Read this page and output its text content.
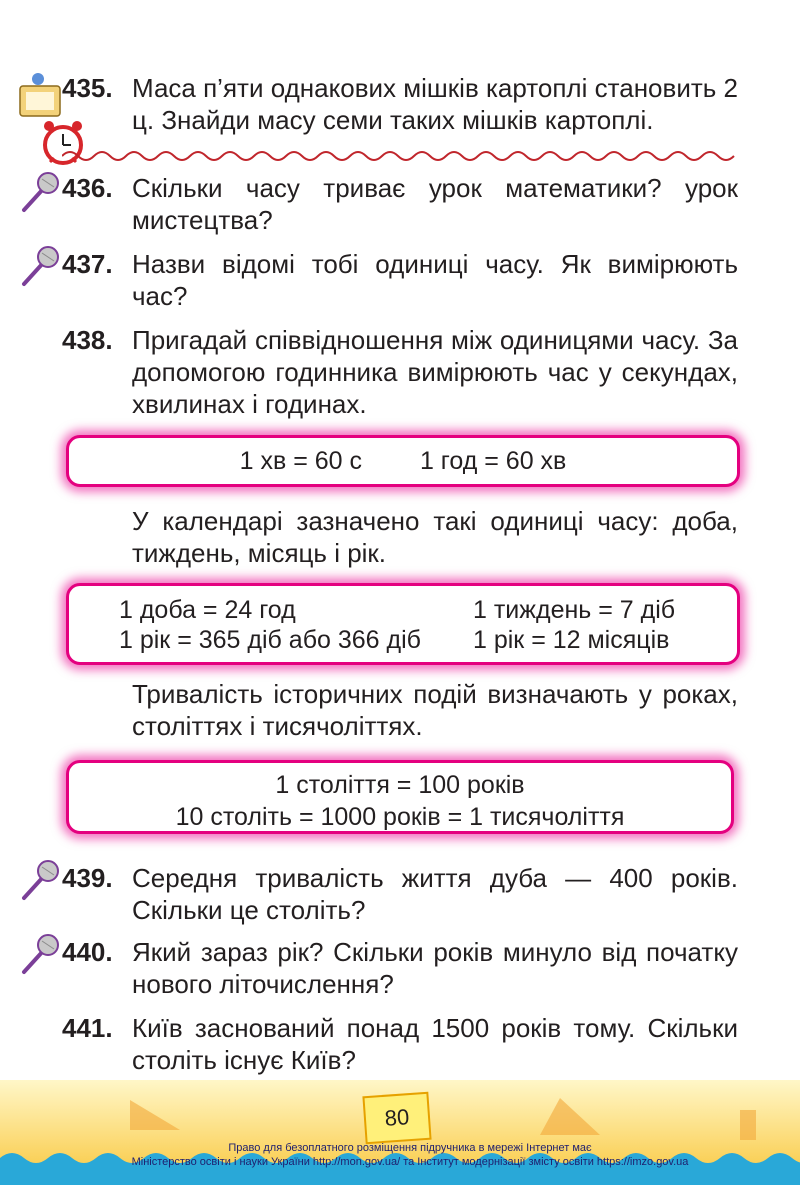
435. Маса п’яти однакових мішків картоплі становить 2 ц. Знайди масу семи таких мішків картоплі.
436. Скільки часу триває урок математики? урок мистецтва?
437. Назви відомі тобі одиниці часу. Як вимірюють час?
438. Пригадай співвідношення між одиницями часу. За допомогою годинника вимірюють час у секундах, хвилинах і годинах.
1 хв = 60 с 1 год = 60 хв
У календарі зазначено такі одиниці часу: доба, тиждень, місяць і рік.
1 доба = 24 год	1 тиждень = 7 діб
1 рік = 365 діб або 366 діб 1 рік = 12 місяців
Тривалість історичних подій визначають у роках, століттях і тисячоліттях.
1 століття = 100 років
10 століть = 1000 років = 1 тисячоліття
439. Середня тривалість життя дуба — 400 років. Скільки це століть?
440. Який зараз рік? Скільки років минуло від початку нового літочислення?
441. Київ заснований понад 1500 років тому. Скільки століть існує Київ?
80
Право для безоплатного розміщення підручника в мережі Інтернет має
Міністерство освіти і науки України http://mon.gov.ua/ та Інститут модернізації змісту освіти https://imzo.gov.ua
